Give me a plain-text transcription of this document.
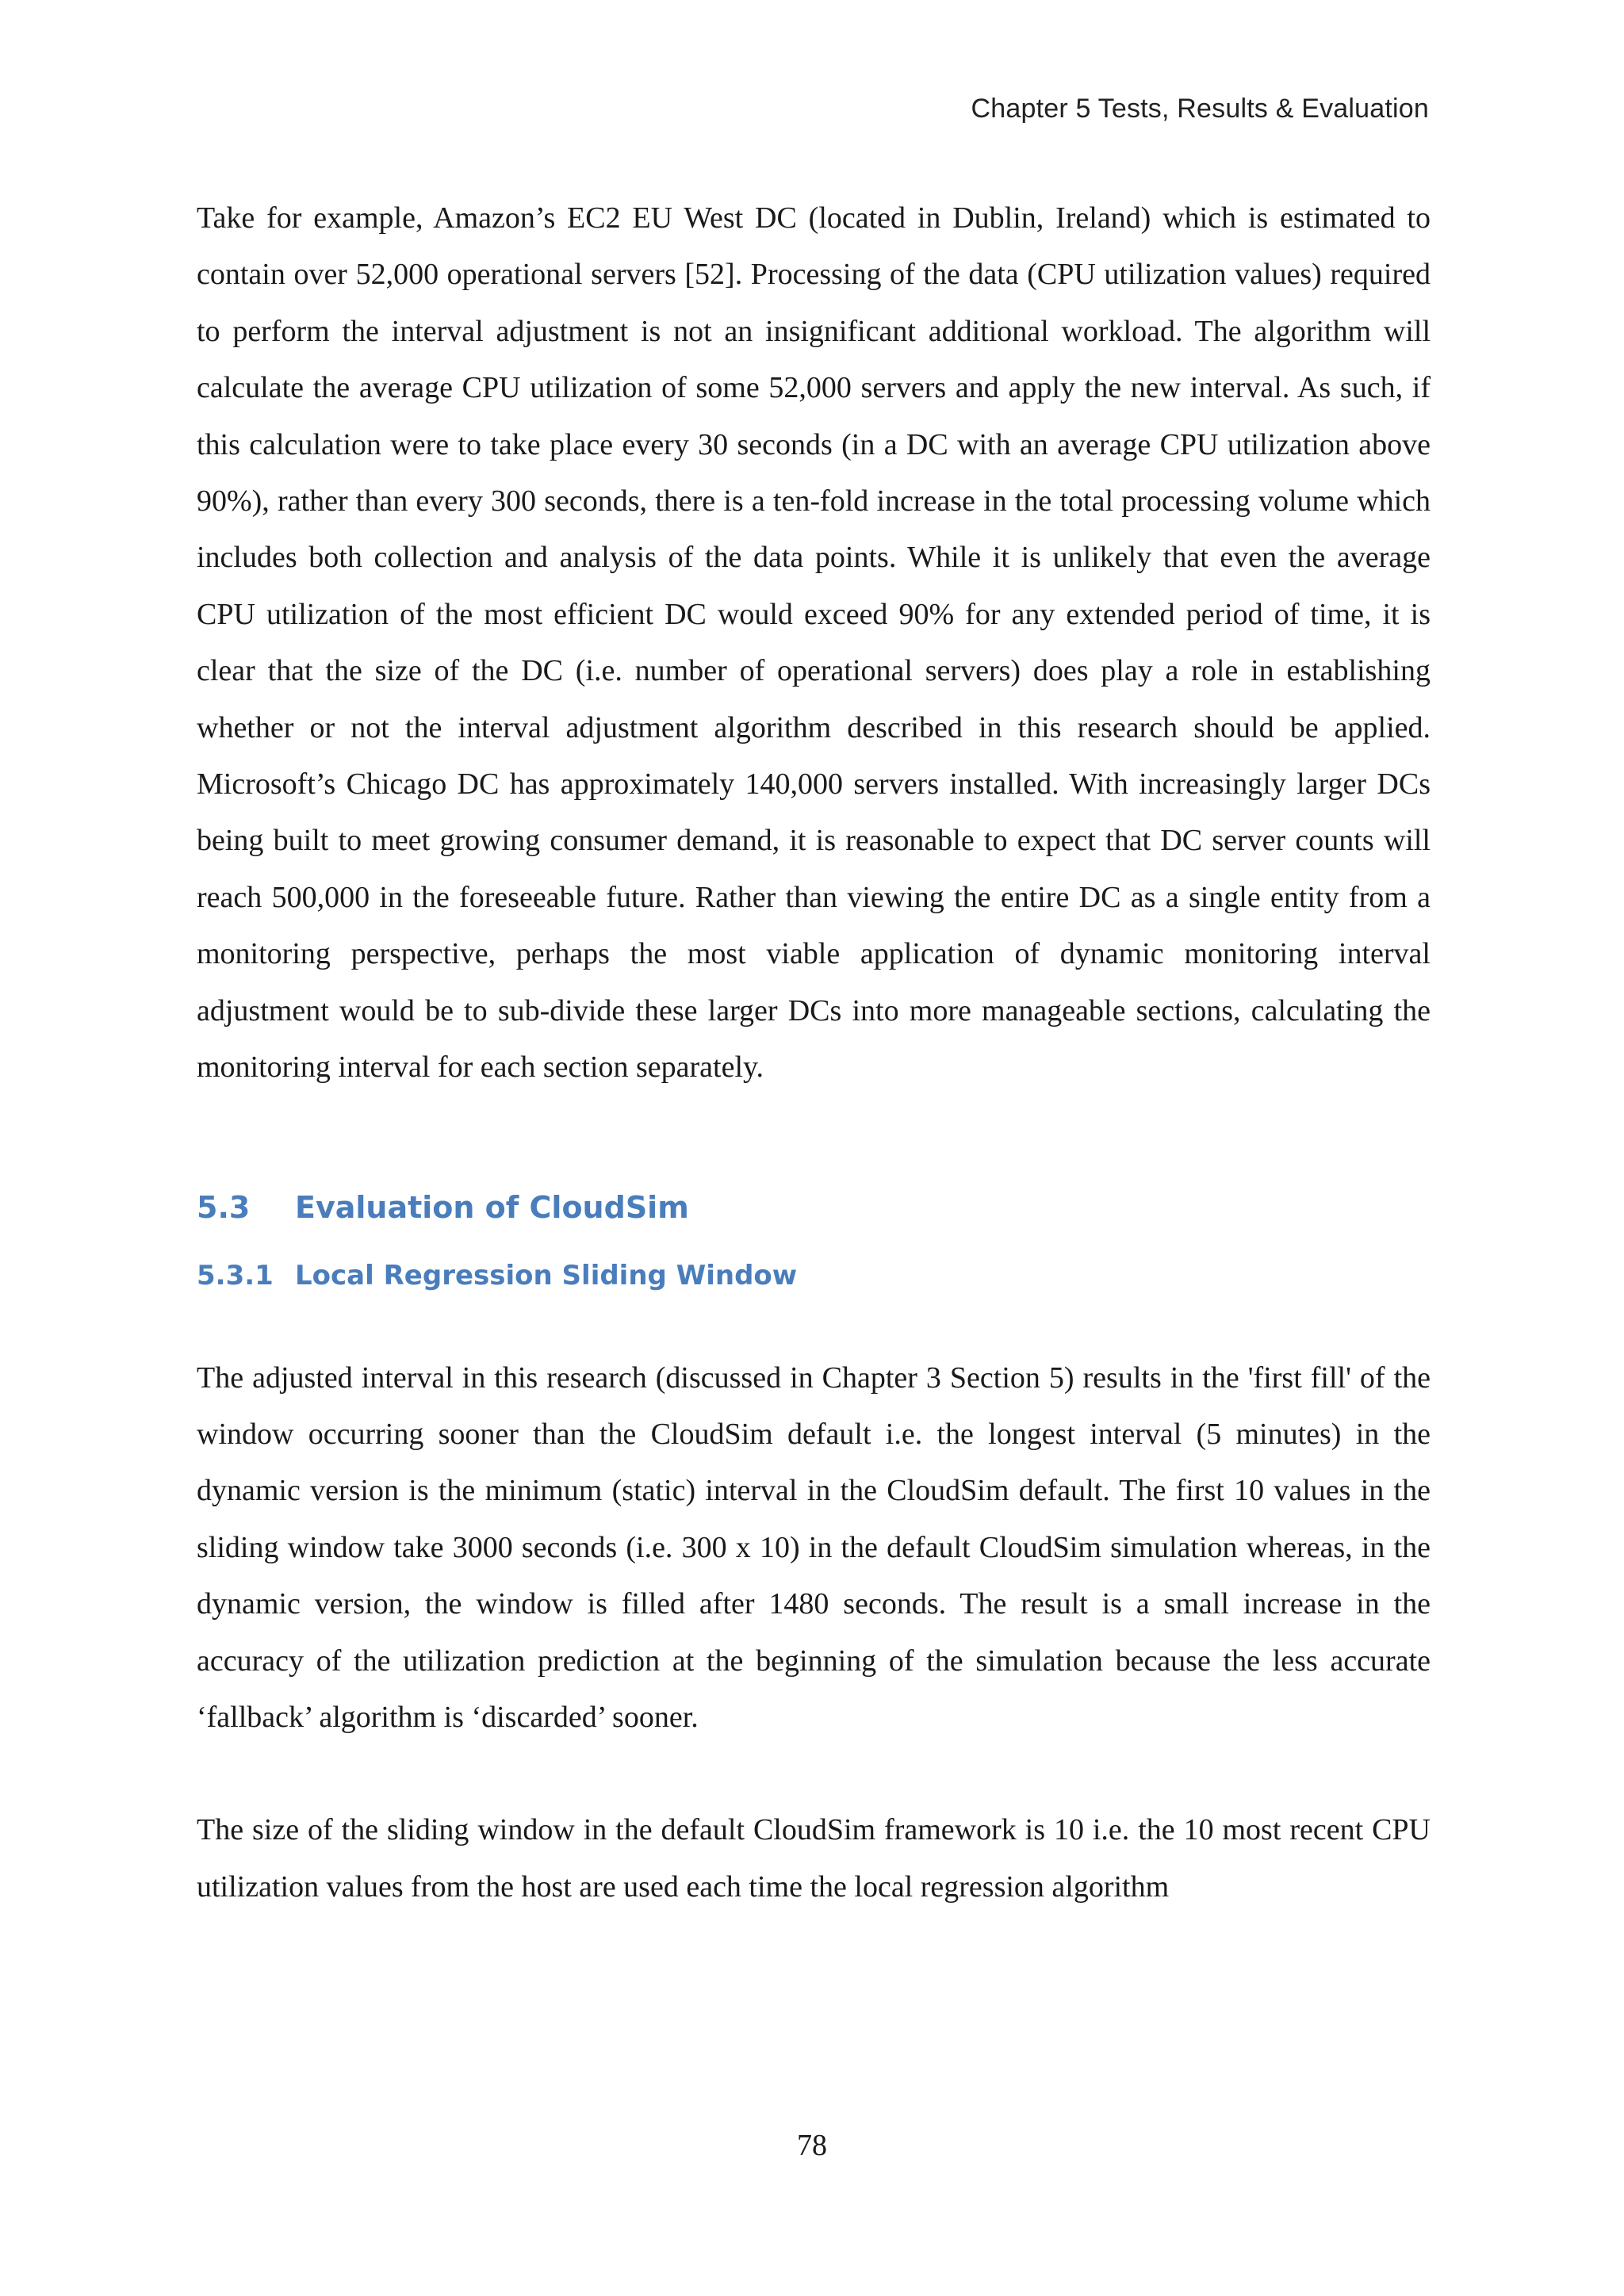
Chapter 5 Tests, Results & Evaluation

Take for example, Amazon’s EC2 EU West DC (located in Dublin, Ireland) which is estimated to contain over 52,000 operational servers [52]. Processing of the data (CPU utilization values) required to perform the interval adjustment is not an insignificant additional workload. The algorithm will calculate the average CPU utilization of some 52,000 servers and apply the new interval. As such, if this calculation were to take place every 30 seconds (in a DC with an average CPU utilization above 90%), rather than every 300 seconds, there is a ten-fold increase in the total processing volume which includes both collection and analysis of the data points. While it is unlikely that even the average CPU utilization of the most efficient DC would exceed 90% for any extended period of time, it is clear that the size of the DC (i.e. number of operational servers) does play a role in establishing whether or not the interval adjustment algorithm described in this research should be applied. Microsoft’s Chicago DC has approximately 140,000 servers installed. With increasingly larger DCs being built to meet growing consumer demand, it is reasonable to expect that DC server counts will reach 500,000 in the foreseeable future. Rather than viewing the entire DC as a single entity from a monitoring perspective, perhaps the most viable application of dynamic monitoring interval adjustment would be to sub-divide these larger DCs into more manageable sections, calculating the monitoring interval for each section separately.

5.3	Evaluation of CloudSim
5.3.1 Local Regression Sliding Window

The adjusted interval in this research (discussed in Chapter 3 Section 5) results in the 'first fill' of the window occurring sooner than the CloudSim default i.e. the longest interval (5 minutes) in the dynamic version is the minimum (static) interval in the CloudSim default. The first 10 values in the sliding window take 3000 seconds (i.e. 300 x 10) in the default CloudSim simulation whereas, in the dynamic version, the window is filled after 1480 seconds. The result is a small increase in the accuracy of the utilization prediction at the beginning of the simulation because the less accurate ‘fallback’ algorithm is ‘discarded’ sooner.

The size of the sliding window in the default CloudSim framework is 10 i.e. the 10 most recent CPU utilization values from the host are used each time the local regression algorithm

78
